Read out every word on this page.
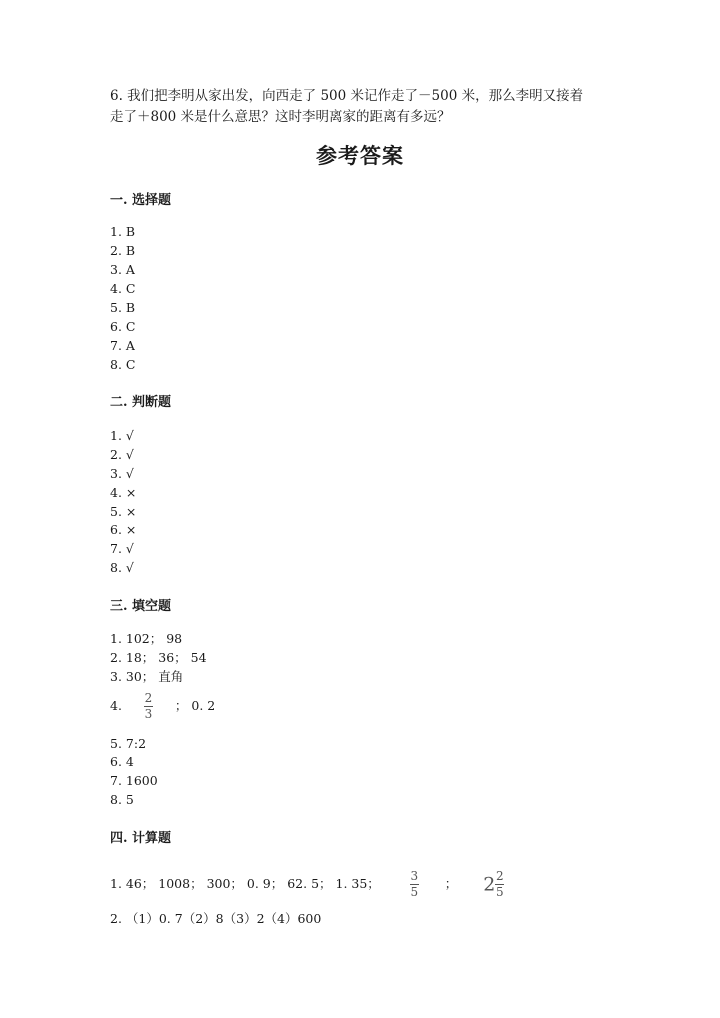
6. 我们把李明从家出发，向西走了 500 米记作走了－500 米，那么李明又接着
走了＋800 米是什么意思？这时李明离家的距离有多远？
参考答案
一. 选择题
1. B
2. B
3. A
4. C
5. B
6. C
7. A
8. C
二. 判断题
1. √
2. √
3. √
4. ×
5. ×
6. ×
7. √
8. √
三. 填空题
1. 102； 98
2. 18； 36； 54
3. 30； 直角
4. $\frac{2}{3}$ ； 0. 2
5. 7:2
6. 4
7. 1600
8. 5
四. 计算题
1. 46； 1008； 300； 0. 9； 62. 5； 1. 35； $\frac{3}{5}$ ； $2 \frac{2}{5}$
2. （1）0. 7（2）8（3）2（4）600
